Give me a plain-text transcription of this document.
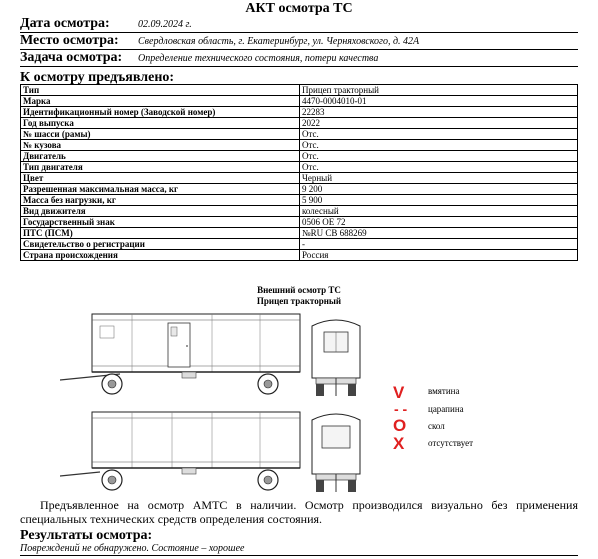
АКТ осмотра ТС
Дата осмотра:	02.09.2024 г.
Место осмотра: Свердловская область, г. Екатеринбург, ул. Черняховского, д. 42А
Задача осмотра: Определение технического состояния, потери качества
К осмотру предъявлено:
Тип	Прицеп тракторный
Марка	4470-0004010-01
Идентификационный номер (Заводской номер)	22283
Год выпуска	2022
№ шасси (рамы)	Отс.
№ кузова	Отс.
Двигатель	Отс.
Тип двигателя	Отс.
Цвет	Черный
Разрешенная максимальная масса, кг	9 200
Масса без нагрузки, кг	5 900
Вид движителя	колесный
Государственный знак	0506 ОЕ 72
ПТС (ПСМ)	№RU СВ 688269
Свидетельство о регистрации	-
Страна происхождения	Россия
Внешний осмотр ТС
Прицеп тракторный
V	вмятина
- - царапина
O скол
X	отсутствует
Предъявленное на осмотр АМТС в наличии. Осмотр производился визуально без применения специальных технических средств определения состояния.
Результаты осмотра:
Повреждений не обнаружено. Состояние – хорошее
